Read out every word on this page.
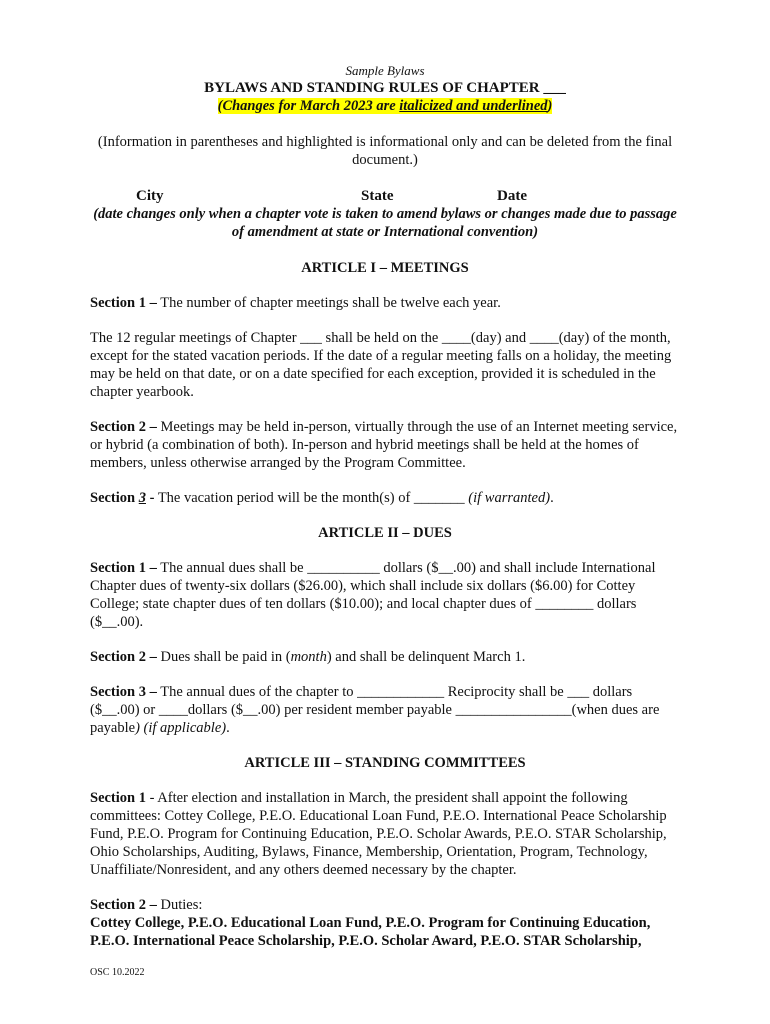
Sample Bylaws
BYLAWS AND STANDING RULES OF CHAPTER ___
(Changes for March 2023 are italicized and underlined)
(Information in parentheses and highlighted is informational only and can be deleted from the final document.)
City	State	Date
(date changes only when a chapter vote is taken to amend bylaws or changes made due to passage of amendment at state or International convention)
ARTICLE I – MEETINGS

Section 1 – The number of chapter meetings shall be twelve each year.

The 12 regular meetings of Chapter ___ shall be held on the ____(day) and ____(day) of the month, except for the stated vacation periods. If the date of a regular meeting falls on a holiday, the meeting may be held on that date, or on a date specified for each exception, provided it is scheduled in the chapter yearbook.

Section 2 – Meetings may be held in-person, virtually through the use of an Internet meeting service, or hybrid (a combination of both). In-person and hybrid meetings shall be held at the homes of members, unless otherwise arranged by the Program Committee.

Section 3 - The vacation period will be the month(s) of _______ (if warranted).

ARTICLE II – DUES

Section 1 – The annual dues shall be __________ dollars ($__.00) and shall include International Chapter dues of twenty-six dollars ($26.00), which shall include six dollars ($6.00) for Cottey College; state chapter dues of ten dollars ($10.00); and local chapter dues of ________ dollars ($__.00).

Section 2 – Dues shall be paid in (month) and shall be delinquent March 1.

Section 3 – The annual dues of the chapter to ____________ Reciprocity shall be ___ dollars ($__.00) or ____dollars ($__.00) per resident member payable ________________(when dues are payable) (if applicable).

ARTICLE III – STANDING COMMITTEES

Section 1 - After election and installation in March, the president shall appoint the following committees: Cottey College, P.E.O. Educational Loan Fund, P.E.O. International Peace Scholarship Fund, P.E.O. Program for Continuing Education, P.E.O. Scholar Awards, P.E.O. STAR Scholarship, Ohio Scholarships, Auditing, Bylaws, Finance, Membership, Orientation, Program, Technology, Unaffiliate/Nonresident, and any others deemed necessary by the chapter.

Section 2 – Duties:
Cottey College, P.E.O. Educational Loan Fund, P.E.O. Program for Continuing Education, P.E.O. International Peace Scholarship, P.E.O. Scholar Award, P.E.O. STAR Scholarship,

OSC 10.2022
